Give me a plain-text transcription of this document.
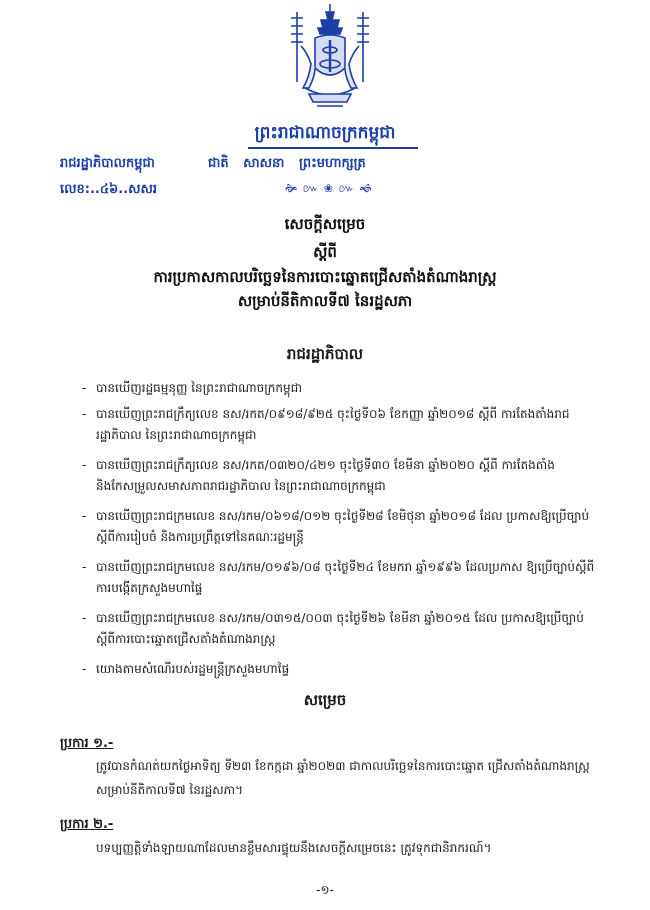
ព្រះរាជាណាចក្រកម្ពុជា
ជាតិ សាសនា ព្រះមហាក្សត្រ
🙞 ៚ ❀ ៚ 🙜
រាជរដ្ឋាភិបាលកម្ពុជា
លេខ:..៤៦..សសរ
សេចក្ដីសម្រេច
ស្ដីពី
ការប្រកាសកាលបរិច្ឆេទនៃការបោះឆ្នោតជ្រើសតាំងតំណាងរាស្ត្រ
សម្រាប់នីតិកាលទី៧ នៃរដ្ឋសភា
រាជរដ្ឋាភិបាល
- បានឃើញរដ្ឋធម្មនុញ្ញ នៃព្រះរាជាណាចក្រកម្ពុជា
- បានឃើញព្រះរាជក្រឹត្យលេខ នស/រកត/០៩១៨/៩២៥ ចុះថ្ងៃទី០៦ ខែកញ្ញា ឆ្នាំ២០១៨ ស្ដីពី ការតែងតាំងរាជរដ្ឋាភិបាល នៃព្រះរាជាណាចក្រកម្ពុជា
- បានឃើញព្រះរាជក្រឹត្យលេខ នស/រកត/០៣២០/៤២១ ចុះថ្ងៃទី៣០ ខែមីនា ឆ្នាំ២០២០ ស្ដីពី ការតែងតាំង និងកែសម្រួលសមាសភាពរាជរដ្ឋាភិបាល នៃព្រះរាជាណាចក្រកម្ពុជា
- បានឃើញព្រះរាជក្រមលេខ នស/រកម/០៦១៨/០១២ ចុះថ្ងៃទី២៨ ខែមិថុនា ឆ្នាំ២០១៨ ដែល ប្រកាសឱ្យប្រើច្បាប់ស្ដីពីការរៀបចំ និងការប្រព្រឹត្តទៅនៃគណៈរដ្ឋមន្ត្រី
- បានឃើញព្រះរាជក្រមលេខ នស/រកម/០១៩៦/០៨ ចុះថ្ងៃទី២៤ ខែមករា ឆ្នាំ១៩៩៦ ដែលប្រកាស ឱ្យប្រើច្បាប់ស្ដីពីការបង្កើតក្រសួងមហាផ្ទៃ
- បានឃើញព្រះរាជក្រមលេខ នស/រកម/០៣១៥/០០៣ ចុះថ្ងៃទី២៦ ខែមីនា ឆ្នាំ២០១៥ ដែល ប្រកាសឱ្យប្រើច្បាប់ស្ដីពីការបោះឆ្នោតជ្រើសតាំងតំណាងរាស្ត្រ
- យោងតាមសំណើរបស់រដ្ឋមន្ត្រីក្រសួងមហាផ្ទៃ
សម្រេច
ប្រការ ១.-
ត្រូវបានកំណត់យកថ្ងៃអាទិត្យ ទី២៣ ខែកក្កដា ឆ្នាំ២០២៣ ជាកាលបរិច្ឆេទនៃការបោះឆ្នោត ជ្រើសតាំងតំណាងរាស្ត្រ សម្រាប់នីតិកាលទី៧ នៃរដ្ឋសភា។
ប្រការ ២.-
បទប្បញ្ញត្តិទាំងឡាយណាដែលមានខ្លឹមសារផ្ទុយនឹងសេចក្ដីសម្រេចនេះ ត្រូវទុកជានិរាករណ៍។
-១-
